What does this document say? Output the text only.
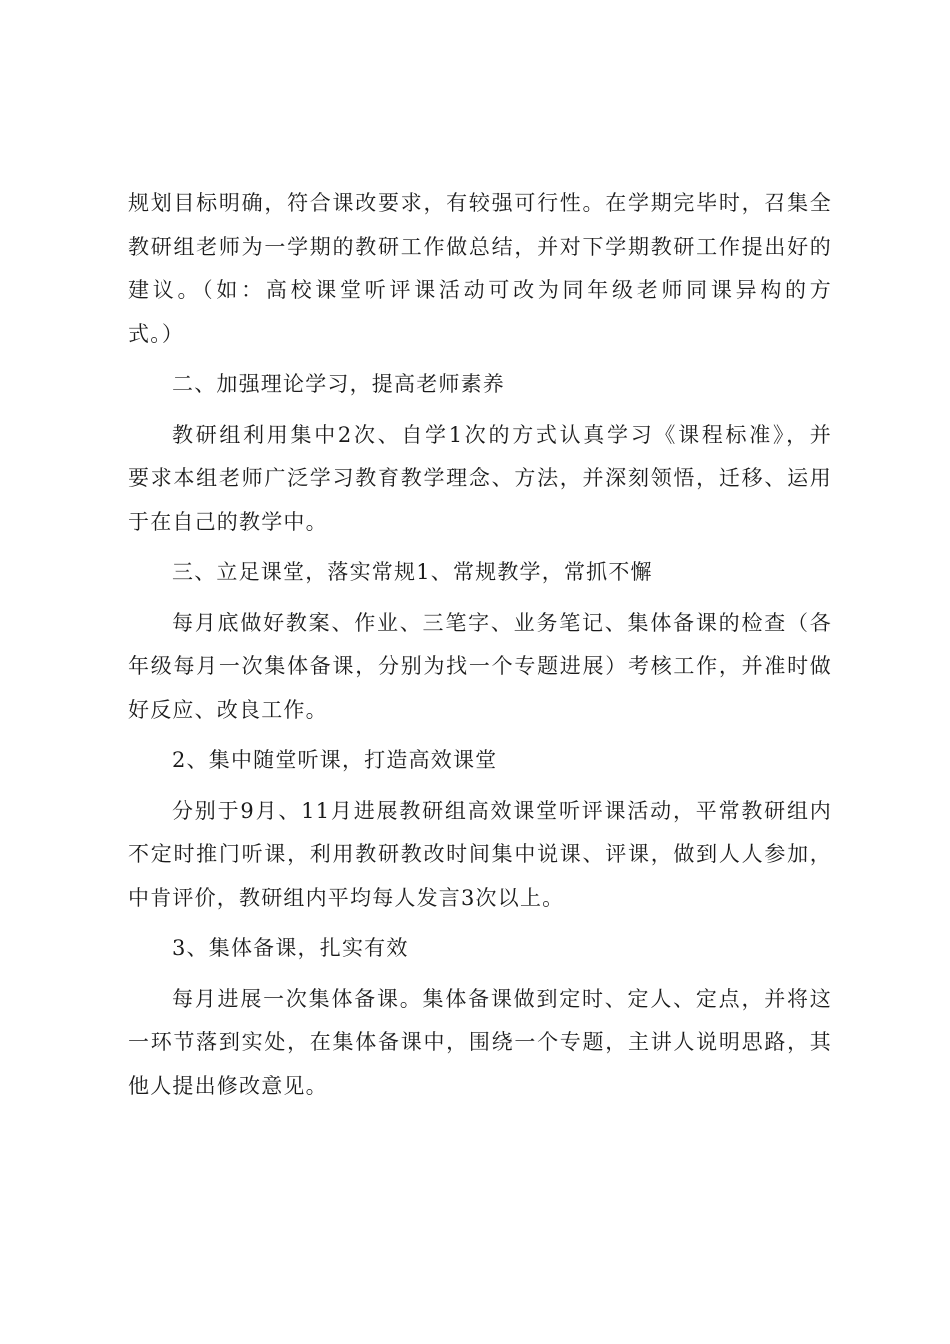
规划目标明确，符合课改要求，有较强可行性。在学期完毕时，召集全
教研组老师为一学期的教研工作做总结，并对下学期教研工作提出好的
建议。（如：高校课堂听评课活动可改为同年级老师同课异构的方
式。）
二、加强理论学习，提高老师素养
教研组利用集中2次、自学1次的方式认真学习《课程标准》，并
要求本组老师广泛学习教育教学理念、方法，并深刻领悟，迁移、运用
于在自己的教学中。
三、立足课堂，落实常规1、常规教学，常抓不懈
每月底做好教案、作业、三笔字、业务笔记、集体备课的检查（各
年级每月一次集体备课，分别为找一个专题进展）考核工作，并准时做
好反应、改良工作。
2、集中随堂听课，打造高效课堂
分别于9月、11月进展教研组高效课堂听评课活动，平常教研组内
不定时推门听课，利用教研教改时间集中说课、评课，做到人人参加，
中肯评价，教研组内平均每人发言3次以上。
3、集体备课，扎实有效
每月进展一次集体备课。集体备课做到定时、定人、定点，并将这
一环节落到实处，在集体备课中，围绕一个专题，主讲人说明思路，其
他人提出修改意见。
